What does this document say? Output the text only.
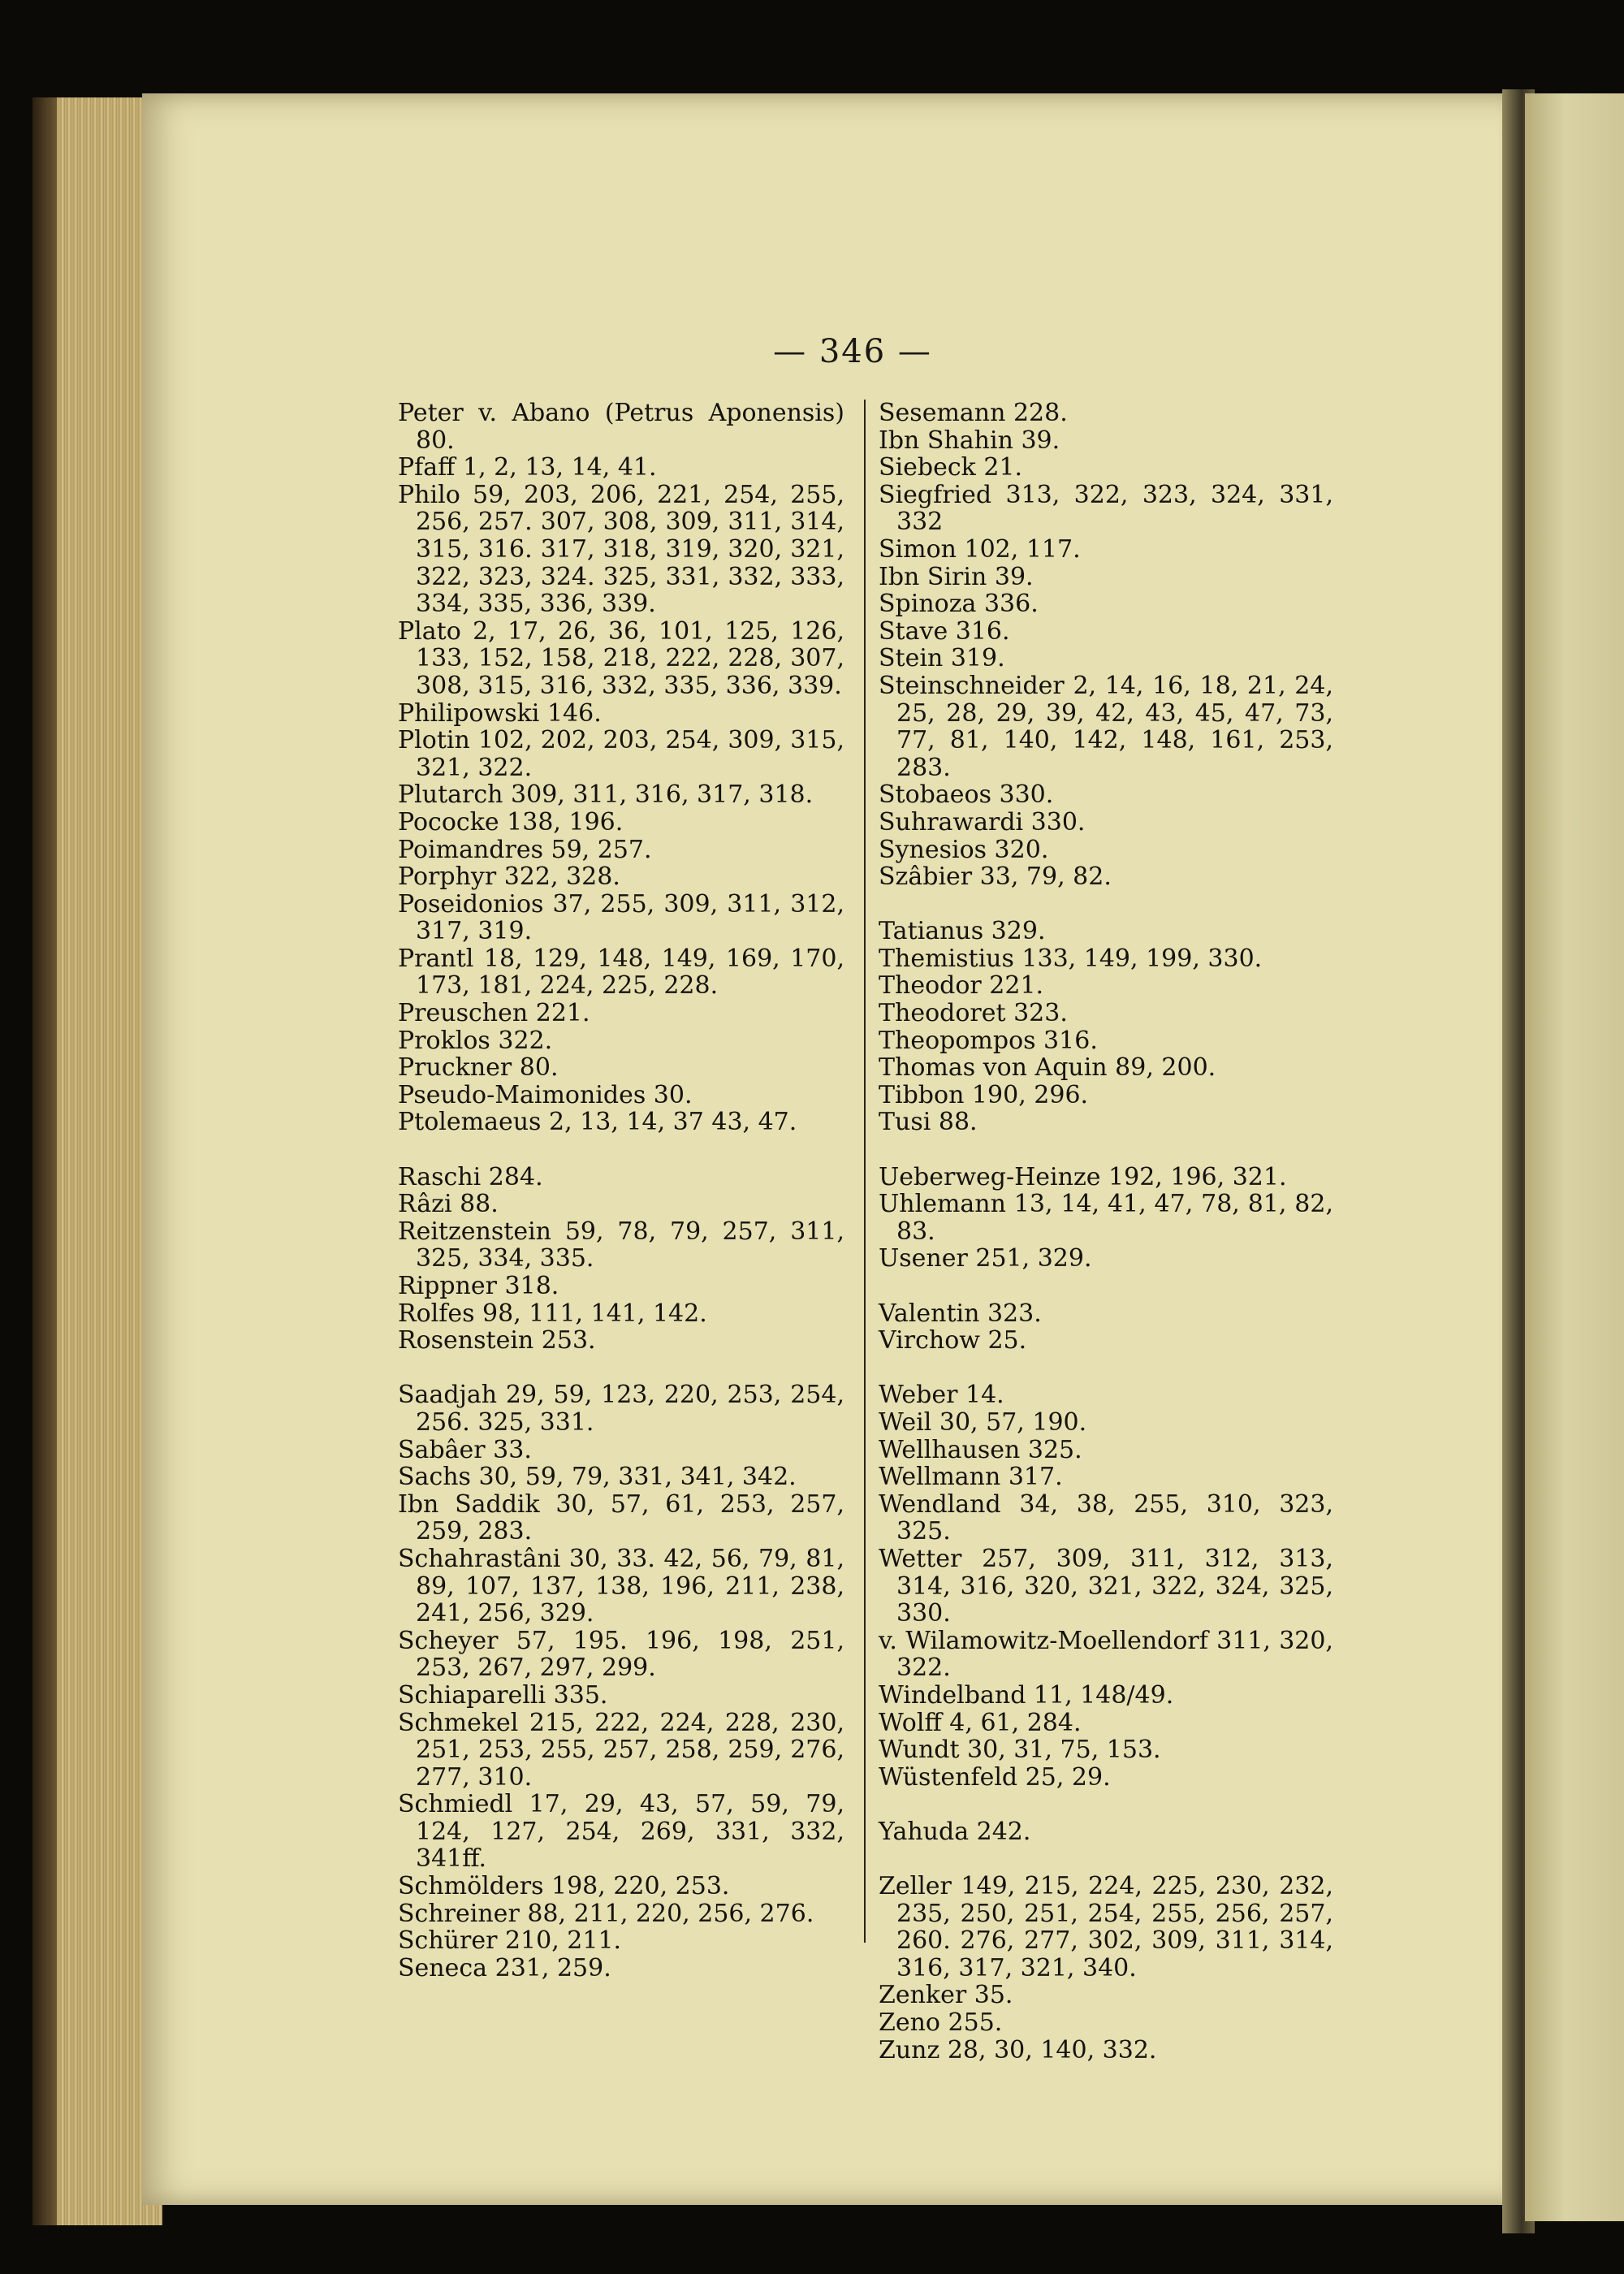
— 346 —
Peter v. Abano (Petrus Aponensis) 80.
Pfaff 1, 2, 13, 14, 41.
Philo 59, 203, 206, 221, 254, 255, 256, 257. 307, 308, 309, 311, 314, 315, 316. 317, 318, 319, 320, 321, 322, 323, 324. 325, 331, 332, 333, 334, 335, 336, 339.
Plato 2, 17, 26, 36, 101, 125, 126, 133, 152, 158, 218, 222, 228, 307, 308, 315, 316, 332, 335, 336, 339.
Philipowski 146.
Plotin 102, 202, 203, 254, 309, 315, 321, 322.
Plutarch 309, 311, 316, 317, 318.
Pococke 138, 196.
Poimandres 59, 257.
Porphyr 322, 328.
Poseidonios 37, 255, 309, 311, 312, 317, 319.
Prantl 18, 129, 148, 149, 169, 170, 173, 181, 224, 225, 228.
Preuschen 221.
Proklos 322.
Pruckner 80.
Pseudo-Maimonides 30.
Ptolemaeus 2, 13, 14, 37 43, 47.
Raschi 284.
Râzi 88.
Reitzenstein 59, 78, 79, 257, 311, 325, 334, 335.
Rippner 318.
Rolfes 98, 111, 141, 142.
Rosenstein 253.
Saadjah 29, 59, 123, 220, 253, 254, 256. 325, 331.
Sabâer 33.
Sachs 30, 59, 79, 331, 341, 342.
Ibn Saddik 30, 57, 61, 253, 257, 259, 283.
Schahrastâni 30, 33. 42, 56, 79, 81, 89, 107, 137, 138, 196, 211, 238, 241, 256, 329.
Scheyer 57, 195. 196, 198, 251, 253, 267, 297, 299.
Schiaparelli 335.
Schmekel 215, 222, 224, 228, 230, 251, 253, 255, 257, 258, 259, 276, 277, 310.
Schmiedl 17, 29, 43, 57, 59, 79, 124, 127, 254, 269, 331, 332, 341ff.
Schmölders 198, 220, 253.
Schreiner 88, 211, 220, 256, 276.
Schürer 210, 211.
Seneca 231, 259.
Sesemann 228.
Ibn Shahin 39.
Siebeck 21.
Siegfried 313, 322, 323, 324, 331, 332
Simon 102, 117.
Ibn Sirin 39.
Spinoza 336.
Stave 316.
Stein 319.
Steinschneider 2, 14, 16, 18, 21, 24, 25, 28, 29, 39, 42, 43, 45, 47, 73, 77, 81, 140, 142, 148, 161, 253, 283.
Stobaeos 330.
Suhrawardi 330.
Synesios 320.
Szâbier 33, 79, 82.
Tatianus 329.
Themistius 133, 149, 199, 330.
Theodor 221.
Theodoret 323.
Theopompos 316.
Thomas von Aquin 89, 200.
Tibbon 190, 296.
Tusi 88.
Ueberweg-Heinze 192, 196, 321.
Uhlemann 13, 14, 41, 47, 78, 81, 82, 83.
Usener 251, 329.
Valentin 323.
Virchow 25.
Weber 14.
Weil 30, 57, 190.
Wellhausen 325.
Wellmann 317.
Wendland 34, 38, 255, 310, 323, 325.
Wetter 257, 309, 311, 312, 313, 314, 316, 320, 321, 322, 324, 325, 330.
v. Wilamowitz-Moellendorf 311, 320, 322.
Windelband 11, 148/49.
Wolff 4, 61, 284.
Wundt 30, 31, 75, 153.
Wüstenfeld 25, 29.
Yahuda 242.
Zeller 149, 215, 224, 225, 230, 232, 235, 250, 251, 254, 255, 256, 257, 260. 276, 277, 302, 309, 311, 314, 316, 317, 321, 340.
Zenker 35.
Zeno 255.
Zunz 28, 30, 140, 332.
